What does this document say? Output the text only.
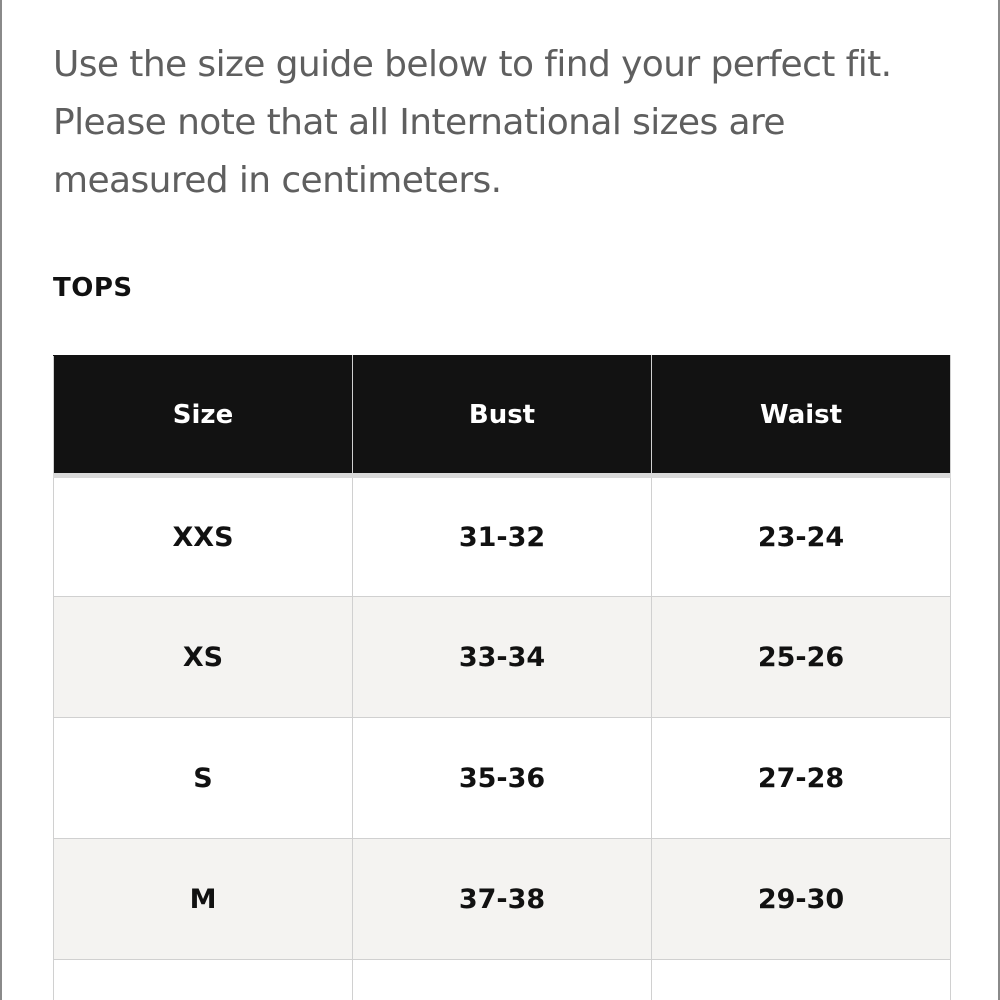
Use the size guide below to find your perfect fit.
Please note that all International sizes are
measured in centimeters.

TOPS
Size	Bust	Waist
XXS	31-32	23-24
XS	33-34	25-26
S	35-36	27-28
M	37-38	29-30
